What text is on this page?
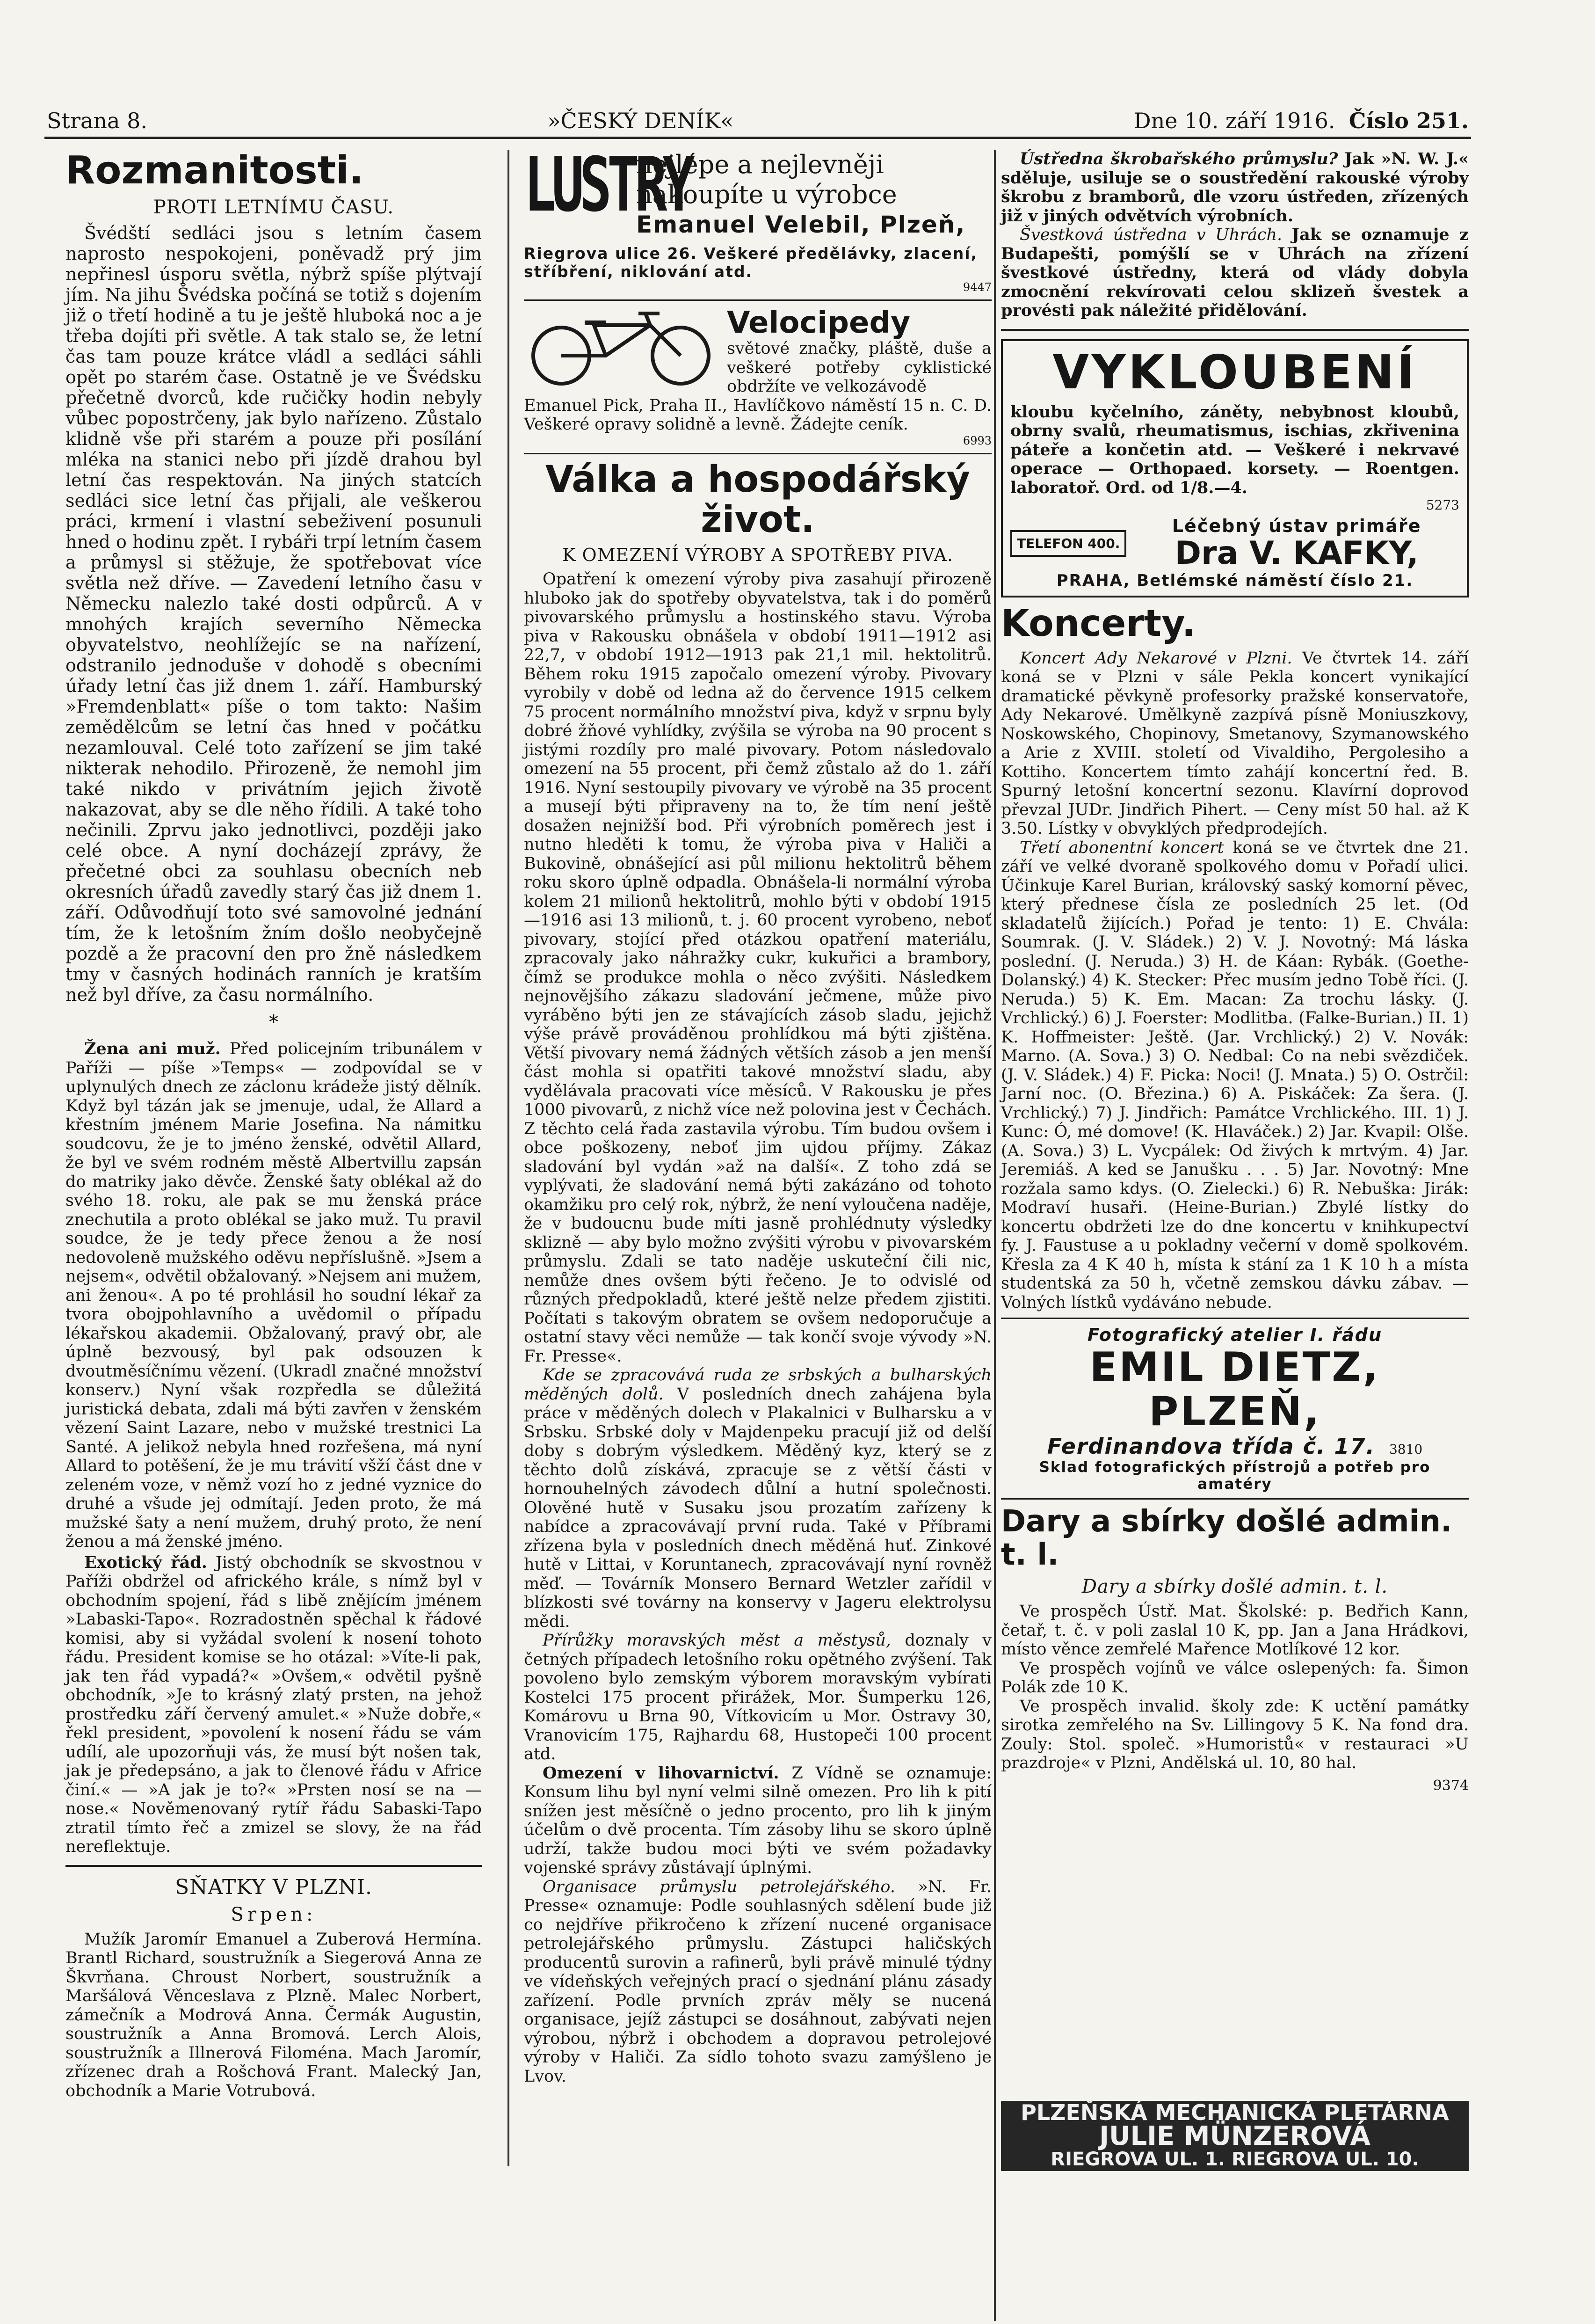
Strana 8.	»ČESKÝ DENÍK«	Dne 10. září 1916. Číslo 251.
Rozmanitosti.
PROTI LETNÍMU ČASU.

Švédští sedláci jsou s letním časem naprosto nespokojeni, poněvadž prý jim nepřinesl úsporu světla, nýbrž spíše plýtvají jím. Na jihu Švédska počíná se totiž s dojením již o třetí hodině a tu je ještě hluboká noc a je třeba dojíti při světle. A tak stalo se, že letní čas tam pouze krátce vládl a sedláci sáhli opět po starém čase. Ostatně je ve Švédsku přečetně dvorců, kde ručičky hodin nebyly vůbec popostrčeny, jak bylo nařízeno. Zůstalo klidně vše při starém a pouze při posílání mléka na stanici nebo při jízdě drahou byl letní čas respektován. Na jiných statcích sedláci sice letní čas přijali, ale veškerou práci, krmení i vlastní sebeživení posunuli hned o hodinu zpět. I rybáři trpí letním časem a průmysl si stěžuje, že spotřebovat více světla než dříve. — Zavedení letního času v Německu nalezlo také dosti odpůrců. A v mnohých krajích severního Německa obyvatelstvo, neohlížejíc se na nařízení, odstranilo jednoduše v dohodě s obecními úřady letní čas již dnem 1. září. Hamburský »Fremdenblatt« píše o tom takto: Našim zemědělcům se letní čas hned v počátku nezamlouval. Celé toto zařízení se jim také nikterak nehodilo. Přirozeně, že nemohl jim také nikdo v privátním jejich životě nakazovat, aby se dle něho řídili. A také toho nečinili. Zprvu jako jednotlivci, později jako celé obce. A nyní docházejí zprávy, že přečetné obci za souhlasu obecních neb okresních úřadů zavedly starý čas již dnem 1. září. Odůvodňují toto své samovolné jednání tím, že k letošním žním došlo neobyčejně pozdě a že pracovní den pro žně následkem tmy v časných hodinách ranních je kratším než byl dříve, za času normálního.

*

Žena ani muž. Před policejním tribunálem v Paříži — píše »Temps« — zodpovídal se v uplynulých dnech ze záclonu krádeže jistý dělník. Když byl tázán jak se jmenuje, udal, že Allard a křestním jménem Marie Josefina. Na námitku soudcovu, že je to jméno ženské, odvětil Allard, že byl ve svém rodném městě Albertvillu zapsán do matriky jako děvče. Ženské šaty oblékal až do svého 18. roku, ale pak se mu ženská práce znechutila a proto oblékal se jako muž. Tu pravil soudce, že je tedy přece ženou a že nosí nedovoleně mužského oděvu nepříslušně. »Jsem a nejsem«, odvětil obžalovaný. »Nejsem ani mužem, ani ženou«. A po té prohlásil ho soudní lékař za tvora obojpohlavního a uvědomil o případu lékařskou akademii. Obžalovaný, pravý obr, ale úplně bezvousý, byl pak odsouzen k dvoutměsíčnímu vězení. (Ukradl značné množství konserv.) Nyní však rozpředla se důležitá juristická debata, zdali má býti zavřen v ženském vězení Saint Lazare, nebo v mužské trestnici La Santé. A jelikož nebyla hned rozřešena, má nyní Allard to potěšení, že je mu trávití všží část dne v zeleném voze, v němž vozí ho z jedné vyznice do druhé a všude jej odmítají. Jeden proto, že má mužské šaty a není mužem, druhý proto, že není ženou a má ženské jméno.

Exotický řád. Jistý obchodník se skvostnou v Paříži obdržel od afrického krále, s nímž byl v obchodním spojení, řád s libě znějícím jménem »Labaski-Tapo«. Rozradostněn spěchal k řádové komisi, aby si vyžádal svolení k nosení tohoto řádu. President komise se ho otázal: »Víte-li pak, jak ten řád vypadá?« »Ovšem,« odvětil pyšně obchodník, »Je to krásný zlatý prsten, na jehož prostředku září červený amulet.« »Nuže dobře,« řekl president, »povolení k nosení řádu se vám udílí, ale upozorňuji vás, že musí být nošen tak, jak je předepsáno, a jak to členové řádu v Africe činí.« — »A jak je to?« »Prsten nosí se na — nose.« Nověmenovaný rytíř řádu Sabaski-Tapo ztratil tímto řeč a zmizel se slovy, že na řád nereflektuje.

SŇATKY V PLZNI.
Srpen:

Mužík Jaromír Emanuel a Zuberová Hermína. Brantl Richard, soustružník a Siegerová Anna ze Škvrňana. Chroust Norbert, soustružník a Maršálová Věnceslava z Plzně. Malec Norbert, zámečník a Modrová Anna. Čermák Augustin, soustružník a Anna Bromová. Lerch Alois, soustružník a Illnerová Filoména. Mach Jaromír, zřízenec drah a Rošchová Frant. Malecký Jan, obchodník a Marie Votrubová.

LUSTRY
nejlépe a nejlevněji
nakoupíte u výrobce
Emanuel Velebil, Plzeň,
Riegrova ulice 26. Veškeré předělávky, zlacení, stříbření, niklování atd.
9447
Velocipedy

světové značky, pláště, duše a veškeré potřeby cyklistické obdržíte ve velkozávodě

Emanuel Pick, Praha II., Havlíčkovo náměstí 15 n. C. D. Veškeré opravy solidně a levně. Žádejte ceník.

6993
Válka a hospodářský život.
K OMEZENÍ VÝROBY A SPOTŘEBY PIVA.

Opatření k omezení výroby piva zasahují přirozeně hluboko jak do spotřeby obyvatelstva, tak i do poměrů pivovarského průmyslu a hostinského stavu. Výroba piva v Rakousku obnášela v období 1911—1912 asi 22,7, v období 1912—1913 pak 21,1 mil. hektolitrů. Během roku 1915 započalo omezení výroby. Pivovary vyrobily v době od ledna až do července 1915 celkem 75 procent normálního množství piva, když v srpnu byly dobré žňové vyhlídky, zvýšila se výroba na 90 procent s jistými rozdíly pro malé pivovary. Potom následovalo omezení na 55 procent, při čemž zůstalo až do 1. září 1916. Nyní sestoupily pivovary ve výrobě na 35 procent a musejí býti připraveny na to, že tím není ještě dosažen nejnižší bod. Při výrobních poměrech jest i nutno hleděti k tomu, že výroba piva v Haliči a Bukovině, obnášející asi půl milionu hektolitrů během roku skoro úplně odpadla. Obnášela-li normální výroba kolem 21 milionů hektolitrů, mohlo býti v období 1915—1916 asi 13 milionů, t. j. 60 procent vyrobeno, neboť pivovary, stojící před otázkou opatření materiálu, zpracovaly jako náhražky cukr, kukuřici a brambory, čímž se produkce mohla o něco zvýšiti. Následkem nejnovějšího zákazu sladování ječmene, může pivo vyráběno býti jen ze stávajících zásob sladu, jejichž výše právě prováděnou prohlídkou má býti zjištěna. Větší pivovary nemá žádných větších zásob a jen menší část mohla si opatřiti takové množství sladu, aby vydělávala pracovati více měsíců. V Rakousku je přes 1000 pivovarů, z nichž více než polovina jest v Čechách. Z těchto celá řada zastavila výrobu. Tím budou ovšem i obce poškozeny, neboť jim ujdou příjmy. Zákaz sladování byl vydán »až na další«. Z toho zdá se vyplývati, že sladování nemá býti zakázáno od tohoto okamžiku pro celý rok, nýbrž, že není vyloučena naděje, že v budoucnu bude míti jasně prohlédnuty výsledky sklizně — aby bylo možno zvýšiti výrobu v pivovarském průmyslu. Zdali se tato naděje uskuteční čili nic, nemůže dnes ovšem býti řečeno. Je to odvislé od různých předpokladů, které ještě nelze předem zjistiti. Počítati s takovým obratem se ovšem nedoporučuje a ostatní stavy věci nemůže — tak končí svoje vývody »N. Fr. Presse«.

Kde se zpracovává ruda ze srbských a bulharských měděných dolů. V posledních dnech zahájena byla práce v měděných dolech v Plakalnici v Bulharsku a v Srbsku. Srbské doly v Majdenpeku pracují již od delší doby s dobrým výsledkem. Měděný kyz, který se z těchto dolů získává, zpracuje se z větší části v hornouhelných závodech důlní a hutní společnosti. Olověné hutě v Susaku jsou prozatím zařízeny k nabídce a zpracovávají první ruda. Také v Příbrami zřízena byla v posledních dnech měděná huť. Zinkové hutě v Littai, v Koruntanech, zpracovávají nyní rovněž měď. — Továrník Monsero Bernard Wetzler zařídil v blízkosti své továrny na konservy v Jageru elektrolysu mědi.

Přírůžky moravských měst a městysů, doznaly v četných případech letošního roku opětného zvýšení. Tak povoleno bylo zemským výborem moravským vybírati Kostelci 175 procent přirážek, Mor. Šumperku 126, Komárovu u Brna 90, Vítkovicím u Mor. Ostravy 30, Vranovicím 175, Rajhardu 68, Hustopeči 100 procent atd.

Omezení v lihovarnictví. Z Vídně se oznamuje: Konsum lihu byl nyní velmi silně omezen. Pro lih k pití snížen jest měsíčně o jedno procento, pro lih k jiným účelům o dvě procenta. Tím zásoby lihu se skoro úplně udrží, takže budou moci býti ve svém požadavky vojenské správy zůstávají úplnými.

Organisace průmyslu petrolejářského. »N. Fr. Presse« oznamuje: Podle souhlasných sdělení bude již co nejdříve přikročeno k zřízení nucené organisace petrolejářského průmyslu. Zástupci haličských producentů surovin a rafinerů, byli právě minulé týdny ve vídeňských veřejných prací o sjednání plánu zásady zařízení. Podle prvních zpráv měly se nucená organisace, jejíž zástupci se dosáhnout, zabývati nejen výrobou, nýbrž i obchodem a dopravou petrolejové výroby v Haliči. Za sídlo tohoto svazu zamýšleno je Lvov.

Ústředna škrobařského průmyslu? Jak »N. W. J.« sděluje, usiluje se o soustředění rakouské výroby škrobu z bramborů, dle vzoru ústředen, zřízených již v jiných odvětvích výrobních.

Švestková ústředna v Uhrách. Jak se oznamuje z Budapešti, pomýšlí se v Uhrách na zřízení švestkové ústředny, která od vlády dobyla zmocnění rekvírovati celou sklizeň švestek a provésti pak náležité přidělování.

VYKLOUBENÍ

kloubu kyčelního, záněty, nebybnost kloubů, obrny svalů, rheumatismus, ischias, zkřivenina páteře a končetin atd. — Veškeré i nekrvavé operace — Orthopaed. korsety. — Roentgen. laboratoř. Ord. od 1/8.—4.

5273
TELEFON 400.
Léčebný ústav primáře
Dra V. KAFKY,
PRAHA, Betlémské náměstí číslo 21.
Koncerty.

Koncert Ady Nekarové v Plzni. Ve čtvrtek 14. září koná se v Plzni v sále Pekla koncert vynikající dramatické pěvkyně profesorky pražské konservatoře, Ady Nekarové. Umělkyně zazpívá písně Moniuszkovy, Noskowského, Chopinovy, Smetanovy, Szymanowského a Arie z XVIII. století od Vivaldiho, Pergolesiho a Kottiho. Koncertem tímto zahájí koncertní řed. B. Spurný letošní koncertní sezonu. Klavírní doprovod převzal JUDr. Jindřich Pihert. — Ceny míst 50 hal. až K 3.50. Lístky v obvyklých předprodejích.

Třetí abonentní koncert koná se ve čtvrtek dne 21. září ve velké dvoraně spolkového domu v Pořadí ulici. Účinkuje Karel Burian, královský saský komorní pěvec, který přednese čísla ze posledních 25 let. (Od skladatelů žijících.) Pořad je tento: 1) E. Chvála: Soumrak. (J. V. Sládek.) 2) V. J. Novotný: Má láska poslední. (J. Neruda.) 3) H. de Káan: Rybák. (Goethe-Dolanský.) 4) K. Stecker: Přec musím jedno Tobě říci. (J. Neruda.) 5) K. Em. Macan: Za trochu lásky. (J. Vrchlický.) 6) J. Foerster: Modlitba. (Falke-Burian.) II. 1) K. Hoffmeister: Ještě. (Jar. Vrchlický.) 2) V. Novák: Marno. (A. Sova.) 3) O. Nedbal: Co na nebi svězdiček. (J. V. Sládek.) 4) F. Picka: Noci! (J. Mnata.) 5) O. Ostrčil: Jarní noc. (O. Březina.) 6) A. Piskáček: Za šera. (J. Vrchlický.) 7) J. Jindřich: Památce Vrchlického. III. 1) J. Kunc: Ó, mé domove! (K. Hlaváček.) 2) Jar. Kvapil: Olše. (A. Sova.) 3) L. Vycpálek: Od živých k mrtvým. 4) Jar. Jeremiáš. A ked se Janušku . . . 5) Jar. Novotný: Mne rozžala samo kdys. (O. Zielecki.) 6) R. Nebuška: Jirák: Modraví husaři. (Heine-Burian.) Zbylé lístky do koncertu obdržeti lze do dne koncertu v knihkupectví fy. J. Faustuse a u pokladny večerní v domě spolkovém. Křesla za 4 K 40 h, místa k stání za 1 K 10 h a místa studentská za 50 h, včetně zemskou dávku zábav. — Volných lístků vydáváno nebude.

Fotografický atelier I. řádu
EMIL DIETZ, PLZEŇ,
Ferdinandova třída č. 17. 3810
Sklad fotografických přístrojů a potřeb pro amatéry
Dary a sbírky došlé admin. t. l.
Dary a sbírky došlé admin. t. l.

Ve prospěch Ústř. Mat. Školské: p. Bedřich Kann, četař, t. č. v poli zaslal 10 K, pp. Jan a Jana Hrádkovi, místo věnce zemřelé Mařence Motlíkové 12 kor.

Ve prospěch vojínů ve válce oslepených: fa. Šimon Polák zde 10 K.

Ve prospěch invalid. školy zde: K uctění památky sirotka zemřelého na Sv. Lillingovy 5 K. Na fond dra. Zouly: Stol. společ. »Humoristů« v restauraci »U prazdroje« v Plzni, Andělská ul. 10, 80 hal.

9374
PLZEŇSKÁ MECHANICKÁ PLETÁRNA
JULIE MÜNZEROVÁ
RIEGROVA UL. 1. RIEGROVA UL. 10.
